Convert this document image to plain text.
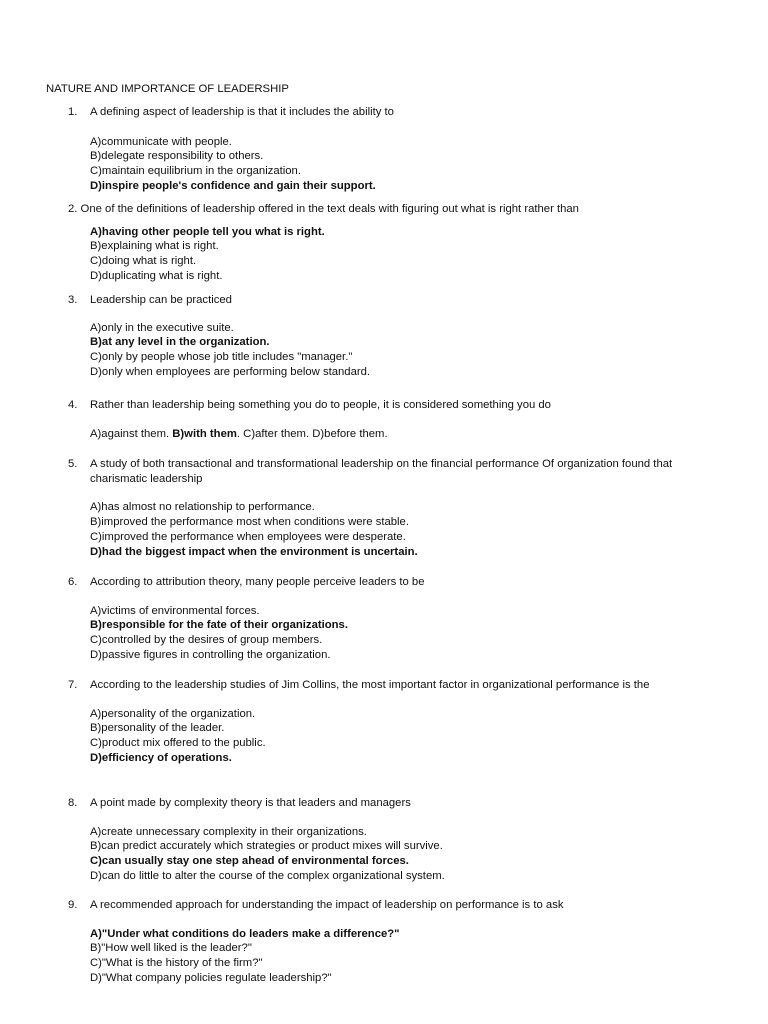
NATURE AND IMPORTANCE OF LEADERSHIP
1. A defining aspect of leadership is that it includes the ability to
A)communicate with people.
B)delegate responsibility to others.
C)maintain equilibrium in the organization.
D)inspire people's confidence and gain their support.
2. One of the definitions of leadership offered in the text deals with figuring out what is right rather than
A)having other people tell you what is right.
B)explaining what is right.
C)doing what is right.
D)duplicating what is right.
3. Leadership can be practiced
A)only in the executive suite.
B)at any level in the organization.
C)only by people whose job title includes "manager."
D)only when employees are performing below standard.
4. Rather than leadership being something you do to people, it is considered something you do
A)against them. B)with them. C)after them. D)before them.
5. A study of both transactional and transformational leadership on the financial performance Of organization found that charismatic leadership
A)has almost no relationship to performance.
B)improved the performance most when conditions were stable.
C)improved the performance when employees were desperate.
D)had the biggest impact when the environment is uncertain.
6. According to attribution theory, many people perceive leaders to be
A)victims of environmental forces.
B)responsible for the fate of their organizations.
C)controlled by the desires of group members.
D)passive figures in controlling the organization.
7. According to the leadership studies of Jim Collins, the most important factor in organizational performance is the
A)personality of the organization.
B)personality of the leader.
C)product mix offered to the public.
D)efficiency of operations.
8. A point made by complexity theory is that leaders and managers
A)create unnecessary complexity in their organizations.
B)can predict accurately which strategies or product mixes will survive.
C)can usually stay one step ahead of environmental forces.
D)can do little to alter the course of the complex organizational system.
9. A recommended approach for understanding the impact of leadership on performance is to ask
A)"Under what conditions do leaders make a difference?"
B)"How well liked is the leader?"
C)"What is the history of the firm?"
D)"What company policies regulate leadership?"
